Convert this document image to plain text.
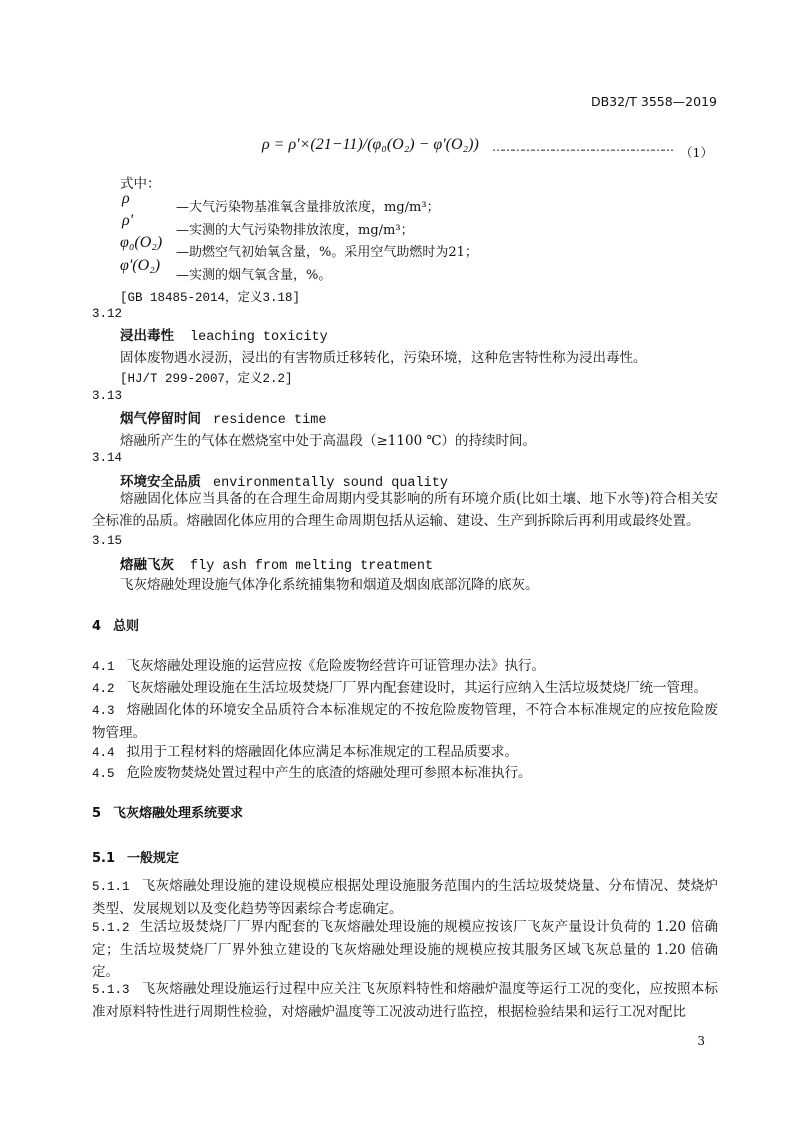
DB32/T 3558—2019
ρ = ρ'×(21−11)/(φ₀(O₂) − φ'(O₂)) ……………………………………………… （1）
式中：
ρ
—大气污染物基准氧含量排放浓度，mg/m³；
ρ'
—实测的大气污染物排放浓度，mg/m³；
φ₀(O₂)
—助燃空气初始氧含量，%。采用空气助燃时为21；
φ'(O₂)
—实测的烟气氧含量，%。
[GB 18485-2014，定义3.18]
3.12
浸出毒性 leaching toxicity
固体废物遇水浸沥，浸出的有害物质迁移转化，污染环境，这种危害特性称为浸出毒性。
[HJ/T 299-2007，定义2.2]
3.13
烟气停留时间 residence time
熔融所产生的气体在燃烧室中处于高温段（≥1100 ℃）的持续时间。
3.14
环境安全品质 environmentally sound quality
熔融固化体应当具备的在合理生命周期内受其影响的所有环境介质(比如土壤、地下水等)符合相关安全标准的品质。熔融固化体应用的合理生命周期包括从运输、建设、生产到拆除后再利用或最终处置。
3.15
熔融飞灰 fly ash from melting treatment
飞灰熔融处理设施气体净化系统捕集物和烟道及烟囱底部沉降的底灰。
4 总则
4.1 飞灰熔融处理设施的运营应按《危险废物经营许可证管理办法》执行。
4.2 飞灰熔融处理设施在生活垃圾焚烧厂厂界内配套建设时，其运行应纳入生活垃圾焚烧厂统一管理。
4.3 熔融固化体的环境安全品质符合本标准规定的不按危险废物管理，不符合本标准规定的应按危险废物管理。
4.4 拟用于工程材料的熔融固化体应满足本标准规定的工程品质要求。
4.5 危险废物焚烧处置过程中产生的底渣的熔融处理可参照本标准执行。
5 飞灰熔融处理系统要求
5.1 一般规定
5.1.1 飞灰熔融处理设施的建设规模应根据处理设施服务范围内的生活垃圾焚烧量、分布情况、焚烧炉类型、发展规划以及变化趋势等因素综合考虑确定。
5.1.2 生活垃圾焚烧厂厂界内配套的飞灰熔融处理设施的规模应按该厂飞灰产量设计负荷的 1.20 倍确定；生活垃圾焚烧厂厂界外独立建设的飞灰熔融处理设施的规模应按其服务区域飞灰总量的 1.20 倍确定。
5.1.3 飞灰熔融处理设施运行过程中应关注飞灰原料特性和熔融炉温度等运行工况的变化，应按照本标准对原料特性进行周期性检验，对熔融炉温度等工况波动进行监控，根据检验结果和运行工况对配比
3
